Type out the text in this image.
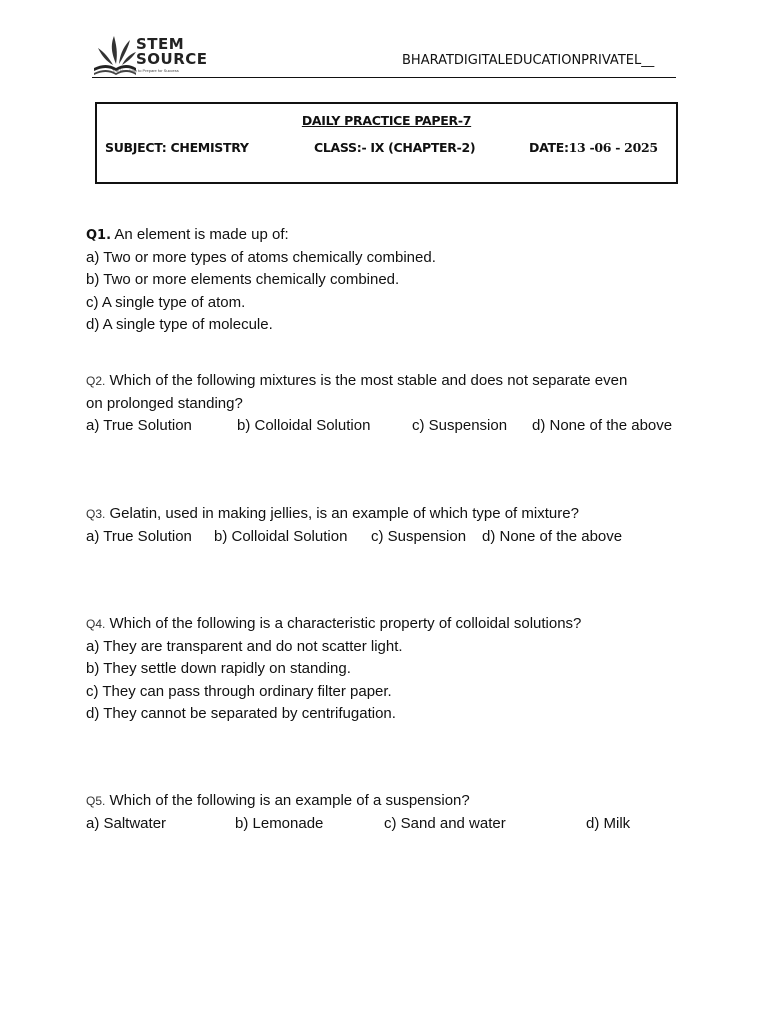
STEM
SOURCE
The New Way to Prepare for Success
BHARATDIGITALEDUCATIONPRIVATEL__
DAILY PRACTICE PAPER-7
SUBJECT: CHEMISTRY	CLASS:- IX (CHAPTER-2)	DATE:13 -06 - 2025
Q1. An element is made up of:
a) Two or more types of atoms chemically combined.
b) Two or more elements chemically combined.
c) A single type of atom.
d) A single type of molecule.
Q2. Which of the following mixtures is the most stable and does not separate even
on prolonged standing?
a) True Solution	b) Colloidal Solution	c) Suspension d) None of the above
Q3. Gelatin, used in making jellies, is an example of which type of mixture?
a) True Solution b) Colloidal Solution c) Suspension d) None of the above
Q4. Which of the following is a characteristic property of colloidal solutions?
a) They are transparent and do not scatter light.
b) They settle down rapidly on standing.
c) They can pass through ordinary filter paper.
d) They cannot be separated by centrifugation.
Q5. Which of the following is an example of a suspension?
a) Saltwater	b) Lemonade	c) Sand and water	d) Milk
